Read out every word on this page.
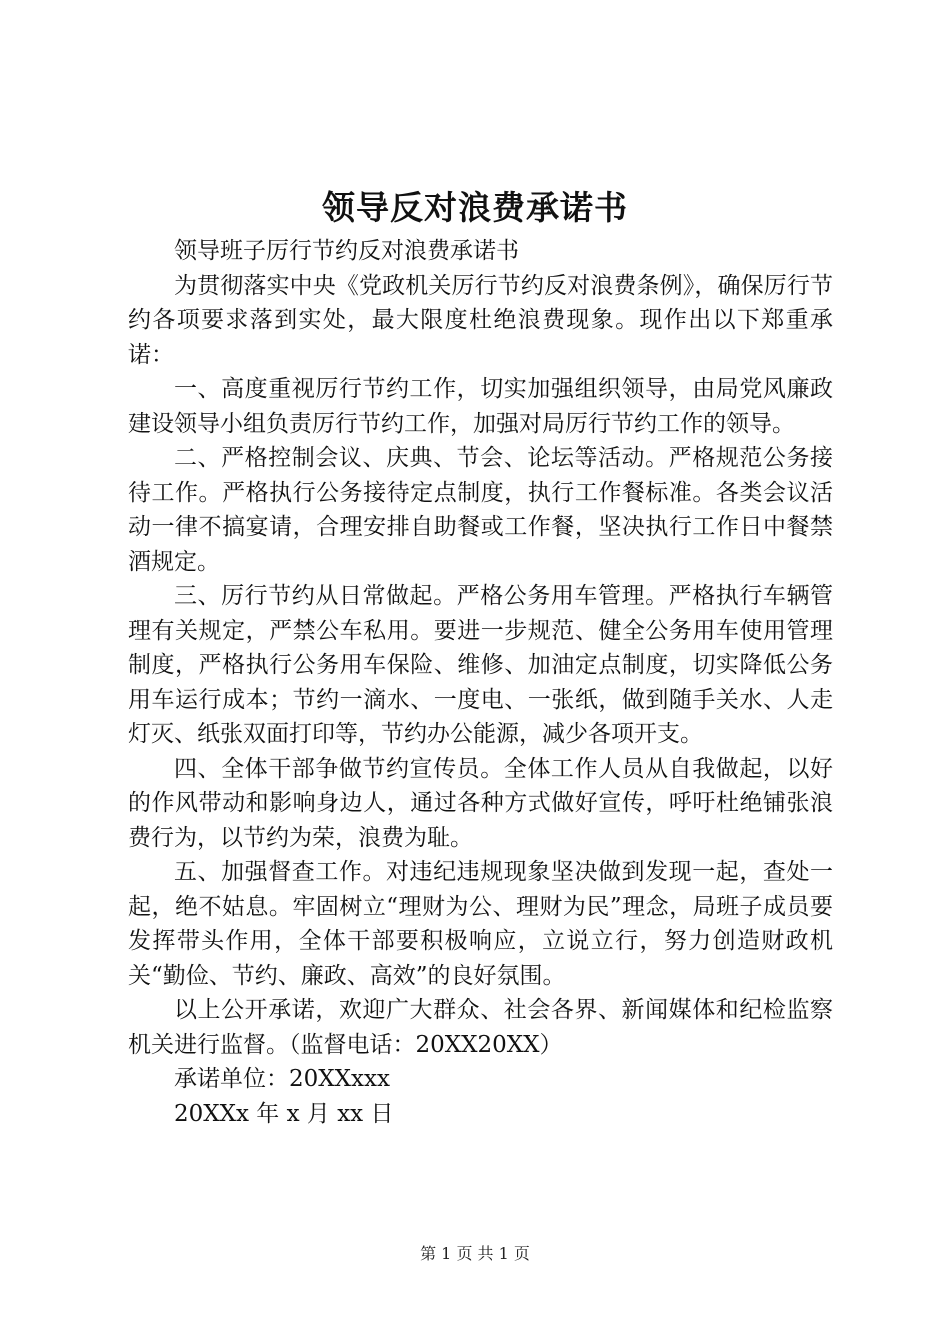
领导反对浪费承诺书

领导班子厉行节约反对浪费承诺书

为贯彻落实中央《党政机关厉行节约反对浪费条例》，确保厉行节约各项要求落到实处，最大限度杜绝浪费现象。现作出以下郑重承诺：

一、高度重视厉行节约工作，切实加强组织领导，由局党风廉政建设领导小组负责厉行节约工作，加强对局厉行节约工作的领导。

二、严格控制会议、庆典、节会、论坛等活动。严格规范公务接待工作。严格执行公务接待定点制度，执行工作餐标准。各类会议活动一律不搞宴请，合理安排自助餐或工作餐，坚决执行工作日中餐禁酒规定。

三、厉行节约从日常做起。严格公务用车管理。严格执行车辆管理有关规定，严禁公车私用。要进一步规范、健全公务用车使用管理制度，严格执行公务用车保险、维修、加油定点制度，切实降低公务用车运行成本；节约一滴水、一度电、一张纸，做到随手关水、人走灯灭、纸张双面打印等，节约办公能源，减少各项开支。

四、全体干部争做节约宣传员。全体工作人员从自我做起，以好的作风带动和影响身边人，通过各种方式做好宣传，呼吁杜绝铺张浪费行为，以节约为荣，浪费为耻。

五、加强督查工作。对违纪违规现象坚决做到发现一起，查处一起，绝不姑息。牢固树立“理财为公、理财为民”理念，局班子成员要发挥带头作用，全体干部要积极响应，立说立行，努力创造财政机关“勤俭、节约、廉政、高效”的良好氛围。

以上公开承诺，欢迎广大群众、社会各界、新闻媒体和纪检监察机关进行监督。（监督电话：20XX20XX）

承诺单位：20XXxxx

20XXx 年 x 月 xx 日

第 1 页 共 1 页
